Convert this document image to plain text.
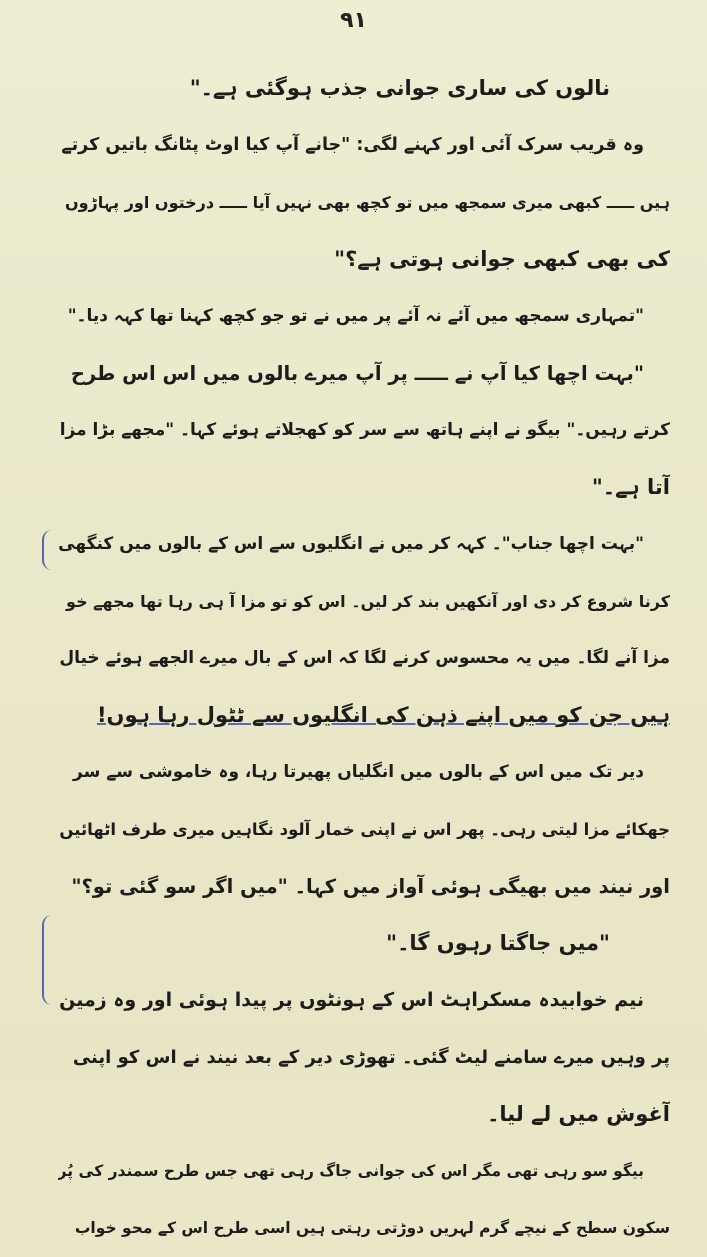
۹۱
نالوں کی ساری جوانی جذب ہوگئی ہے۔"
وہ قریب سرک آئی اور کہنے لگی: "جانے آپ کیا اوٹ پٹانگ باتیں کرتے
ہیں ـــــ کبھی میری سمجھ میں تو کچھ بھی نہیں آیا ـــــ درختوں اور پہاڑوں
کی بھی کبھی جوانی ہوتی ہے؟"
"تمہاری سمجھ میں آئے نہ آئے پر میں نے تو جو کچھ کہنا تھا کہہ دیا۔"
"بہت اچھا کیا آپ نے ـــــ پر آپ میرے بالوں میں اس اس طرح
کرتے رہیں۔" بیگو نے اپنے ہاتھ سے سر کو کھجلاتے ہوئے کہا۔ "مجھے بڑا مزا
آتا ہے۔"
"بہت اچھا جناب"۔ کہہ کر میں نے انگلیوں سے اس کے بالوں میں کنگھی
کرنا شروع کر دی اور آنکھیں بند کر لیں۔ اس کو تو مزا آ ہی رہا تھا مجھے خو
مزا آنے لگا۔ میں یہ محسوس کرنے لگا کہ اس کے بال میرے الجھے ہوئے خیال
ہیں جن کو میں اپنے ذہن کی انگلیوں سے ٹٹول رہا ہوں!
دیر تک میں اس کے بالوں میں انگلیاں پھیرتا رہا، وہ خاموشی سے سر
جھکائے مزا لیتی رہی۔ پھر اس نے اپنی خمار آلود نگاہیں میری طرف اٹھائیں
اور نیند میں بھیگی ہوئی آواز میں کہا۔ "میں اگر سو گئی تو؟"
"میں جاگتا رہوں گا۔"
نیم خوابیدہ مسکراہٹ اس کے ہونٹوں پر پیدا ہوئی اور وہ زمین
پر وہیں میرے سامنے لیٹ گئی۔ تھوڑی دیر کے بعد نیند نے اس کو اپنی
آغوش میں لے لیا۔
بیگو سو رہی تھی مگر اس کی جوانی جاگ رہی تھی جس طرح سمندر کی پُر
سکون سطح کے نیچے گرم لہریں دوڑتی رہتی ہیں اسی طرح اس کے محو خواب
